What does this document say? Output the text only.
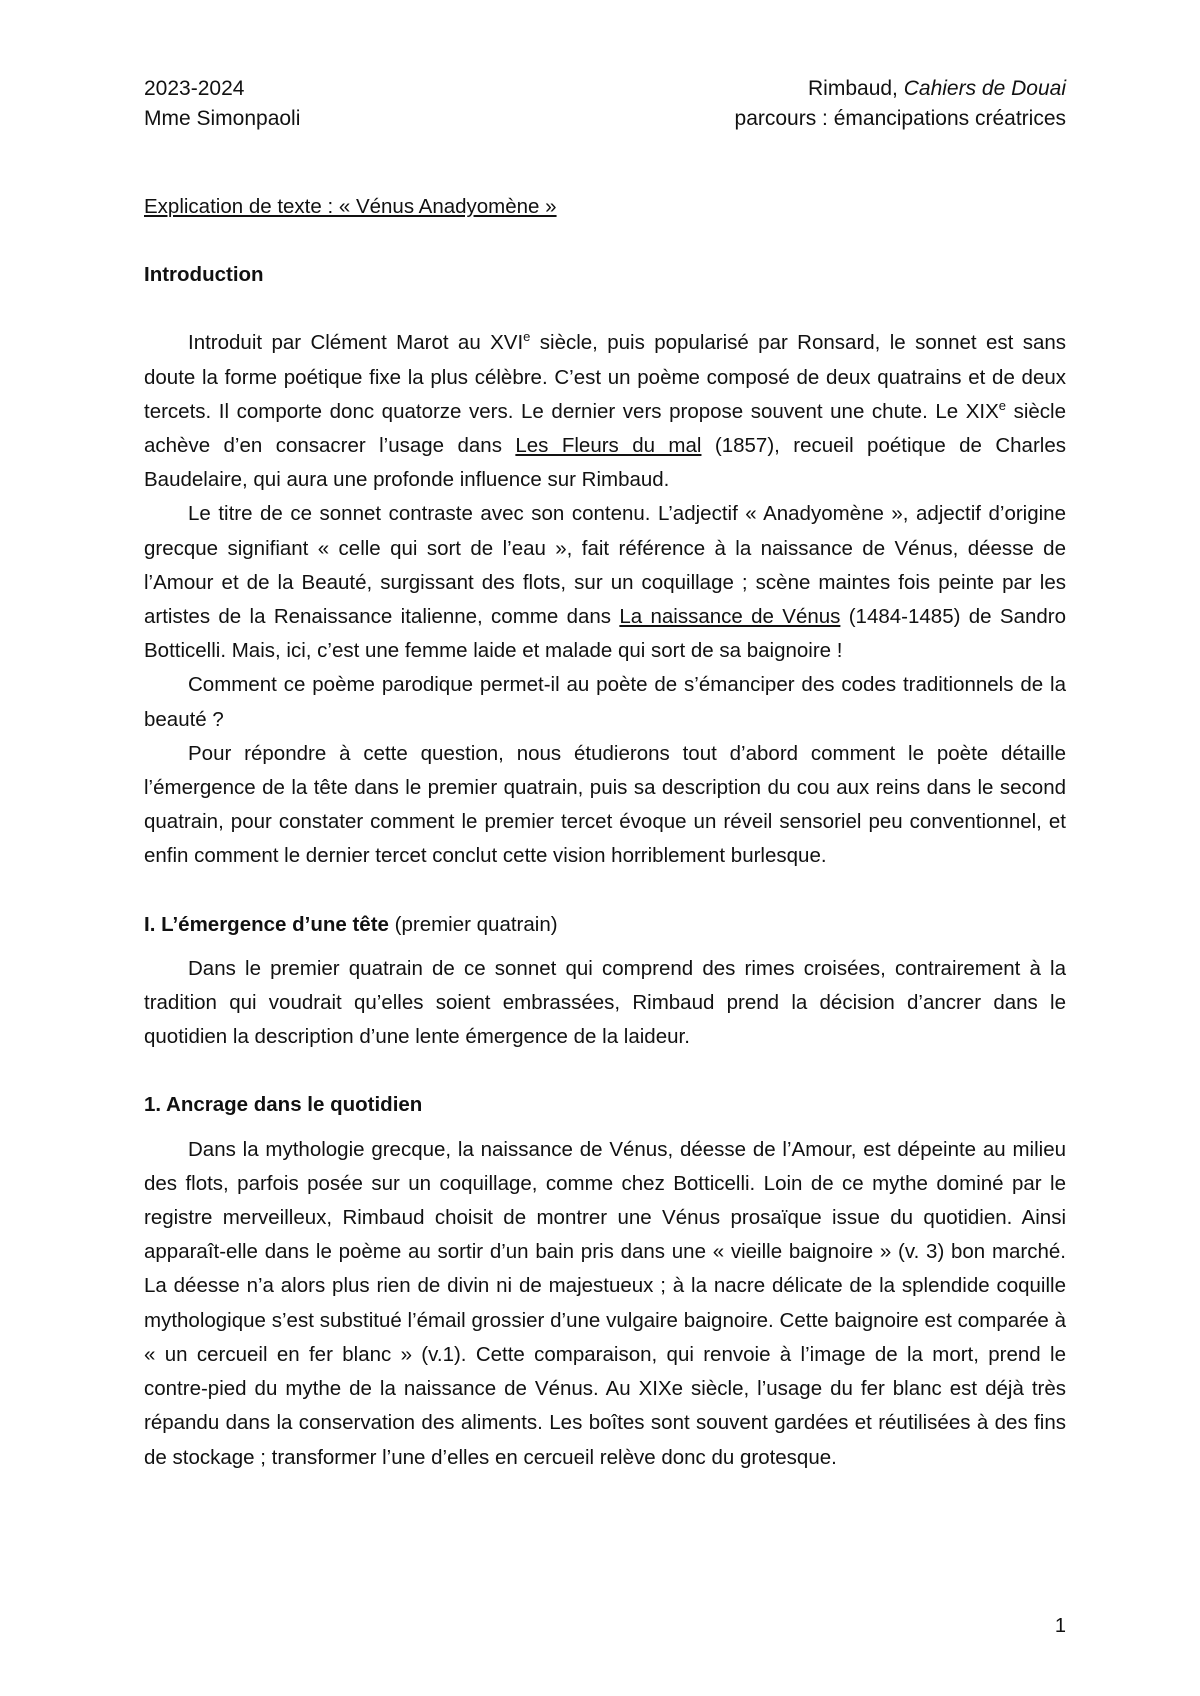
2023-2024
Mme Simonpaoli
Rimbaud, Cahiers de Douai
parcours : émancipations créatrices
Explication de texte : « Vénus Anadyomène »
Introduction

Introduit par Clément Marot au XVIe siècle, puis popularisé par Ronsard, le sonnet est sans doute la forme poétique fixe la plus célèbre. C’est un poème composé de deux quatrains et de deux tercets. Il comporte donc quatorze vers. Le dernier vers propose souvent une chute. Le XIXe siècle achève d’en consacrer l’usage dans Les Fleurs du mal (1857), recueil poétique de Charles Baudelaire, qui aura une profonde influence sur Rimbaud.

Le titre de ce sonnet contraste avec son contenu. L’adjectif « Anadyomène », adjectif d’origine grecque signifiant « celle qui sort de l’eau », fait référence à la naissance de Vénus, déesse de l’Amour et de la Beauté, surgissant des flots, sur un coquillage ; scène maintes fois peinte par les artistes de la Renaissance italienne, comme dans La naissance de Vénus (1484-1485) de Sandro Botticelli. Mais, ici, c’est une femme laide et malade qui sort de sa baignoire !

Comment ce poème parodique permet-il au poète de s’émanciper des codes traditionnels de la beauté ?

Pour répondre à cette question, nous étudierons tout d’abord comment le poète détaille l’émergence de la tête dans le premier quatrain, puis sa description du cou aux reins dans le second quatrain, pour constater comment le premier tercet évoque un réveil sensoriel peu conventionnel, et enfin comment le dernier tercet conclut cette vision horriblement burlesque.

I. L’émergence d’une tête (premier quatrain)

Dans le premier quatrain de ce sonnet qui comprend des rimes croisées, contrairement à la tradition qui voudrait qu’elles soient embrassées, Rimbaud prend la décision d’ancrer dans le quotidien la description d’une lente émergence de la laideur.

1. Ancrage dans le quotidien

Dans la mythologie grecque, la naissance de Vénus, déesse de l’Amour, est dépeinte au milieu des flots, parfois posée sur un coquillage, comme chez Botticelli. Loin de ce mythe dominé par le registre merveilleux, Rimbaud choisit de montrer une Vénus prosaïque issue du quotidien. Ainsi apparaît-elle dans le poème au sortir d’un bain pris dans une « vieille baignoire » (v. 3) bon marché. La déesse n’a alors plus rien de divin ni de majestueux ; à la nacre délicate de la splendide coquille mythologique s’est substitué l’émail grossier d’une vulgaire baignoire. Cette baignoire est comparée à « un cercueil en fer blanc » (v.1). Cette comparaison, qui renvoie à l’image de la mort, prend le contre-pied du mythe de la naissance de Vénus. Au XIXe siècle, l’usage du fer blanc est déjà très répandu dans la conservation des aliments. Les boîtes sont souvent gardées et réutilisées à des fins de stockage ; transformer l’une d’elles en cercueil relève donc du grotesque.

1
